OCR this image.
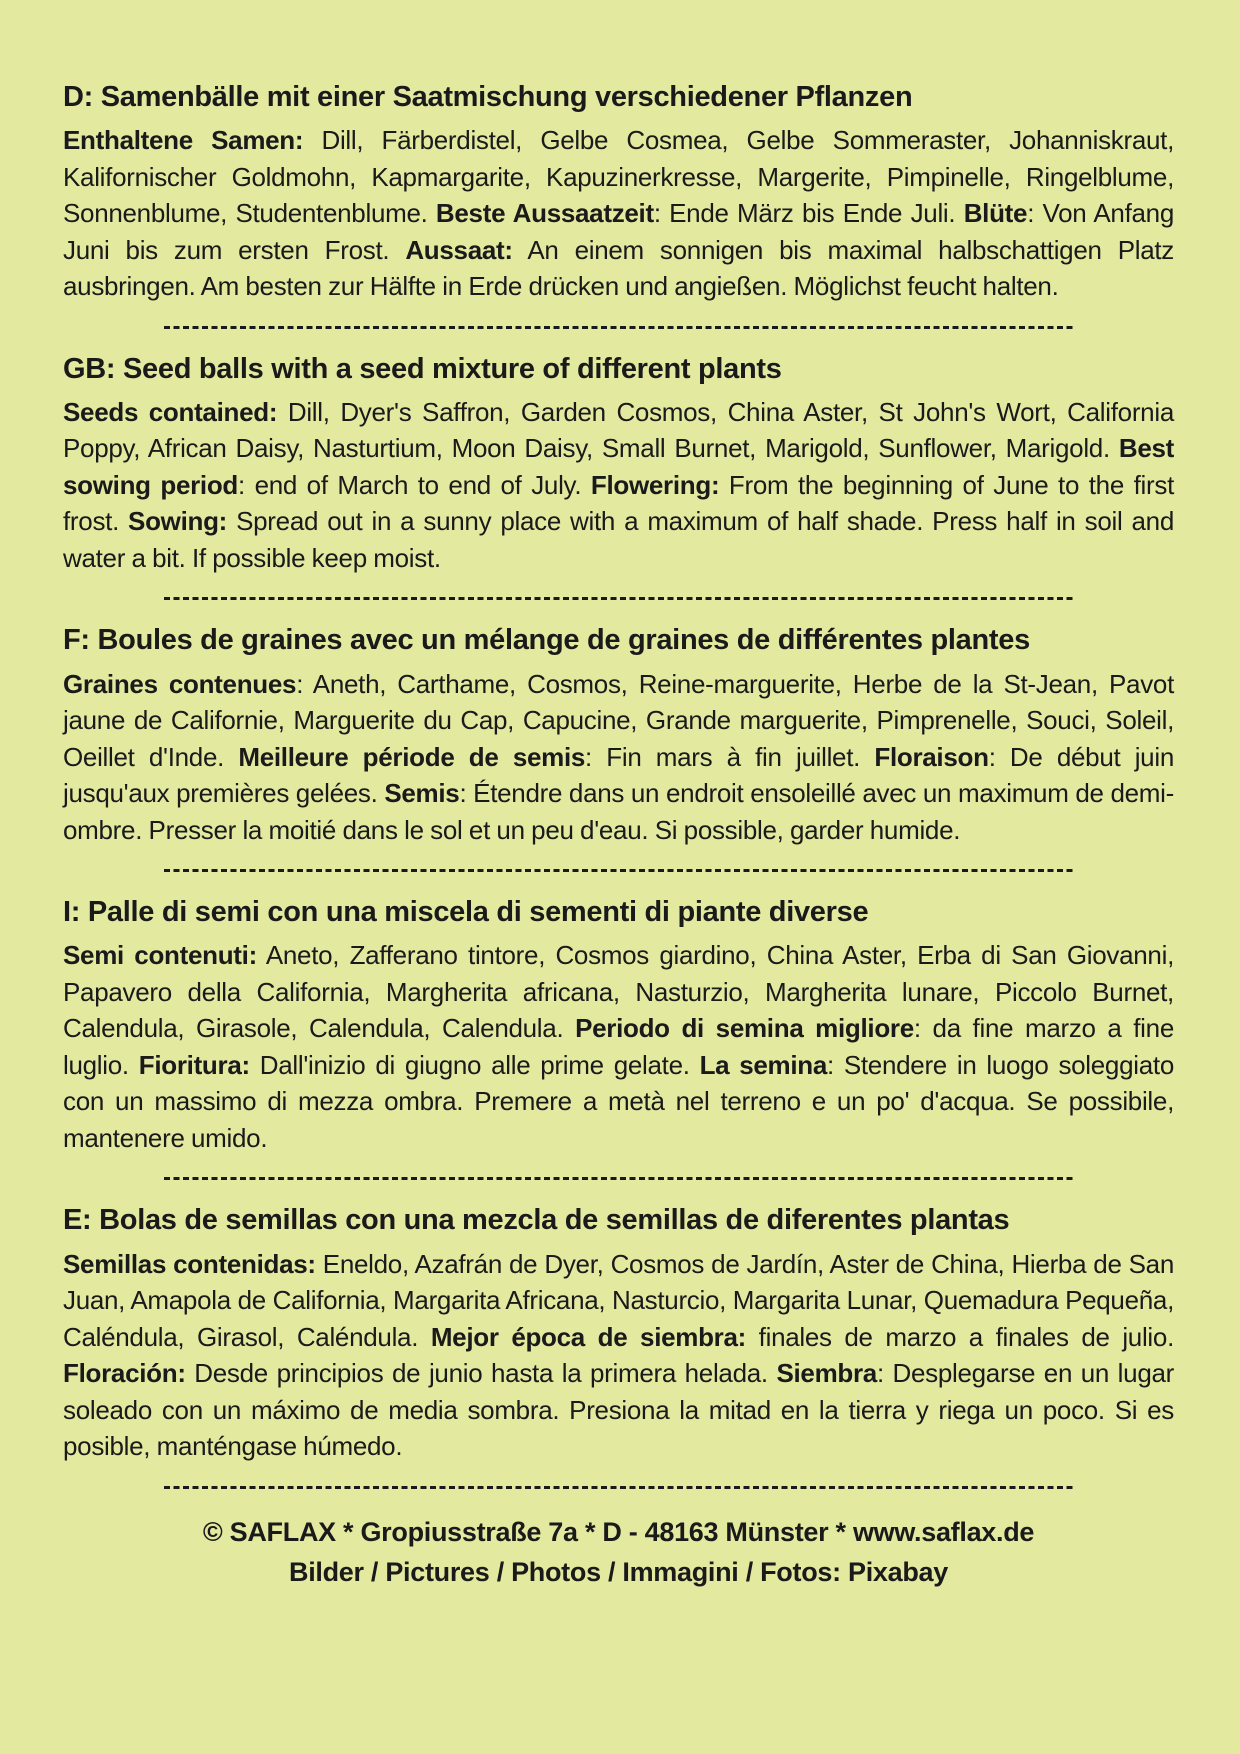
D: Samenbälle mit einer Saatmischung verschiedener Pflanzen

Enthaltene Samen: Dill, Färberdistel, Gelbe Cosmea, Gelbe Sommeraster, Johanniskraut, Kalifornischer Goldmohn, Kapmargarite, Kapuzinerkresse, Margerite, Pimpinelle, Ringelblume, Sonnenblume, Studentenblume. Beste Aussaatzeit: Ende März bis Ende Juli. Blüte: Von Anfang Juni bis zum ersten Frost. Aussaat: An einem sonnigen bis maximal halbschattigen Platz ausbringen. Am besten zur Hälfte in Erde drücken und angießen. Möglichst feucht halten.

GB: Seed balls with a seed mixture of different plants

Seeds contained: Dill, Dyer's Saffron, Garden Cosmos, China Aster, St John's Wort, California Poppy, African Daisy, Nasturtium, Moon Daisy, Small Burnet, Marigold, Sunflower, Marigold. Best sowing period: end of March to end of July. Flowering: From the beginning of June to the first frost. Sowing: Spread out in a sunny place with a maximum of half shade. Press half in soil and water a bit. If possible keep moist.

F: Boules de graines avec un mélange de graines de différentes plantes

Graines contenues: Aneth, Carthame, Cosmos, Reine-marguerite, Herbe de la St-Jean, Pavot jaune de Californie, Marguerite du Cap, Capucine, Grande marguerite, Pimprenelle, Souci, Soleil, Oeillet d'Inde. Meilleure période de semis: Fin mars à fin juillet. Floraison: De début juin jusqu'aux premières gelées. Semis: Étendre dans un endroit ensoleillé avec un maximum de demi-ombre. Presser la moitié dans le sol et un peu d'eau. Si possible, garder humide.

I: Palle di semi con una miscela di sementi di piante diverse

Semi contenuti: Aneto, Zafferano tintore, Cosmos giardino, China Aster, Erba di San Giovanni, Papavero della California, Margherita africana, Nasturzio, Margherita lunare, Piccolo Burnet, Calendula, Girasole, Calendula, Calendula. Periodo di semina migliore: da fine marzo a fine luglio. Fioritura: Dall'inizio di giugno alle prime gelate. La semina: Stendere in luogo soleggiato con un massimo di mezza ombra. Premere a metà nel terreno e un po' d'acqua. Se possibile, mantenere umido.

E: Bolas de semillas con una mezcla de semillas de diferentes plantas

Semillas contenidas: Eneldo, Azafrán de Dyer, Cosmos de Jardín, Aster de China, Hierba de San Juan, Amapola de California, Margarita Africana, Nasturcio, Margarita Lunar, Quemadura Pequeña, Caléndula, Girasol, Caléndula. Mejor época de siembra: finales de marzo a finales de julio. Floración: Desde principios de junio hasta la primera helada. Siembra: Desplegarse en un lugar soleado con un máximo de media sombra. Presiona la mitad en la tierra y riega un poco. Si es posible, manténgase húmedo.

© SAFLAX * Gropiusstraße 7a * D - 48163 Münster * www.saflax.de

Bilder / Pictures / Photos / Immagini / Fotos: Pixabay
